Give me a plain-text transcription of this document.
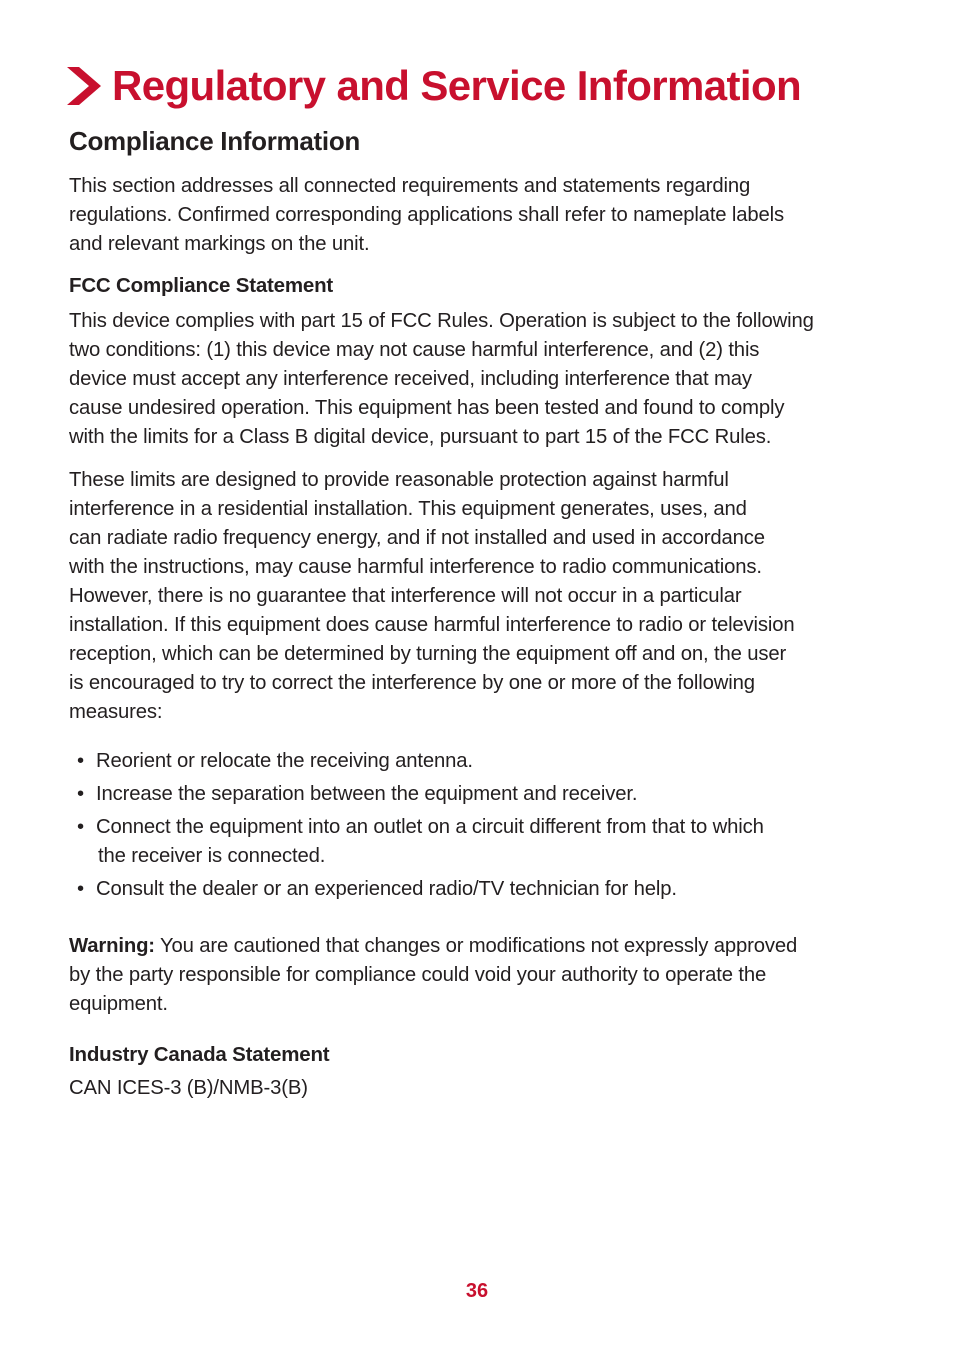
Regulatory and Service Information
Compliance Information
This section addresses all connected requirements and statements regarding
regulations. Confirmed corresponding applications shall refer to nameplate labels
and relevant markings on the unit.
FCC Compliance Statement
This device complies with part 15 of FCC Rules. Operation is subject to the following
two conditions: (1) this device may not cause harmful interference, and (2) this
device must accept any interference received, including interference that may
cause undesired operation. This equipment has been tested and found to comply
with the limits for a Class B digital device, pursuant to part 15 of the FCC Rules.
These limits are designed to provide reasonable protection against harmful
interference in a residential installation. This equipment generates, uses, and
can radiate radio frequency energy, and if not installed and used in accordance
with the instructions, may cause harmful interference to radio communications.
However, there is no guarantee that interference will not occur in a particular
installation. If this equipment does cause harmful interference to radio or television
reception, which can be determined by turning the equipment off and on, the user
is encouraged to try to correct the interference by one or more of the following
measures:
• Reorient or relocate the receiving antenna.
• Increase the separation between the equipment and receiver.
• Connect the equipment into an outlet on a circuit different from that to which
the receiver is connected.
• Consult the dealer or an experienced radio/TV technician for help.
Warning: You are cautioned that changes or modifications not expressly approved
by the party responsible for compliance could void your authority to operate the
equipment.
Industry Canada Statement
CAN ICES-3 (B)/NMB-3(B)
36
